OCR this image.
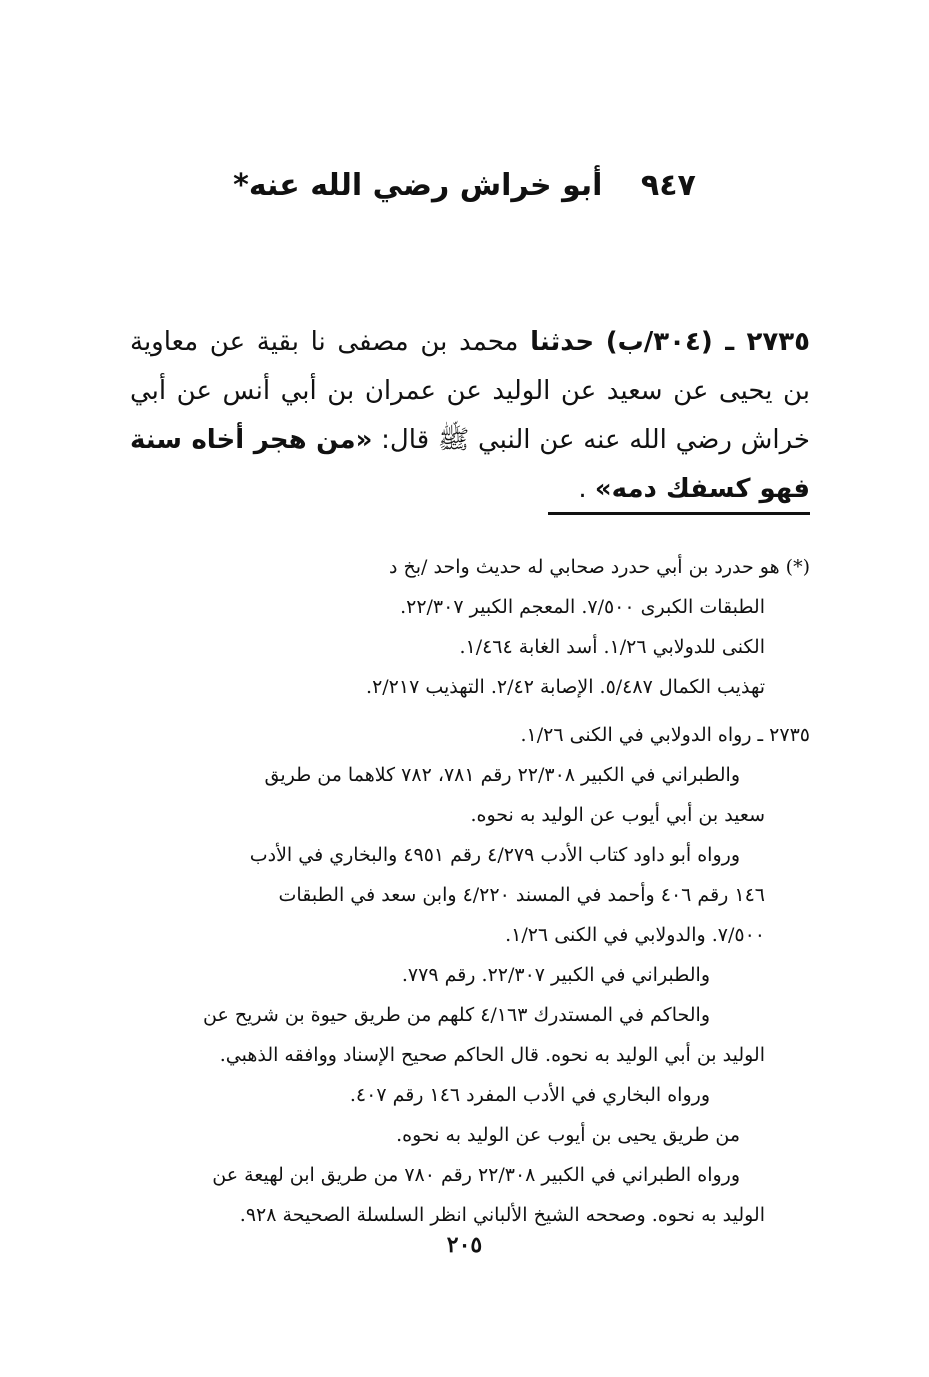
٩٤٧ أبو خراش رضي الله عنه*
٢٧٣٥ ـ (٣٠٤/ب) حدثنا محمد بن مصفى نا بقية عن معاوية بن يحيى عن سعيد عن الوليد عن عمران بن أبي أنس عن أبي خراش رضي الله عنه عن النبي ﷺ قال: «من هجر أخاه سنة فهو كسفك دمه» .
(*) هو حدرد بن أبي حدرد صحابي له حديث واحد /بخ د
الطبقات الكبرى ٧/٥٠٠. المعجم الكبير ٢٢/٣٠٧.
الكنى للدولابي ١/٢٦. أسد الغابة ١/٤٦٤.
تهذيب الكمال ٥/٤٨٧. الإصابة ٢/٤٢. التهذيب ٢/٢١٧.
٢٧٣٥ ـ رواه الدولابي في الكنى ١/٢٦.
والطبراني في الكبير ٢٢/٣٠٨ رقم ٧٨١، ٧٨٢ كلاهما من طريق
سعيد بن أبي أيوب عن الوليد به نحوه.
ورواه أبو داود كتاب الأدب ٤/٢٧٩ رقم ٤٩٥١ والبخاري في الأدب
١٤٦ رقم ٤٠٦ وأحمد في المسند ٤/٢٢٠ وابن سعد في الطبقات
٧/٥٠٠. والدولابي في الكنى ١/٢٦.
والطبراني في الكبير ٢٢/٣٠٧. رقم ٧٧٩.
والحاكم في المستدرك ٤/١٦٣ كلهم من طريق حيوة بن شريح عن
الوليد بن أبي الوليد به نحوه. قال الحاكم صحيح الإسناد ووافقه الذهبي.
ورواه البخاري في الأدب المفرد ١٤٦ رقم ٤٠٧.
من طريق يحيى بن أيوب عن الوليد به نحوه.
ورواه الطبراني في الكبير ٢٢/٣٠٨ رقم ٧٨٠ من طريق ابن لهيعة عن
الوليد به نحوه. وصححه الشيخ الألباني انظر السلسلة الصحيحة ٩٢٨.
٢٠٥
